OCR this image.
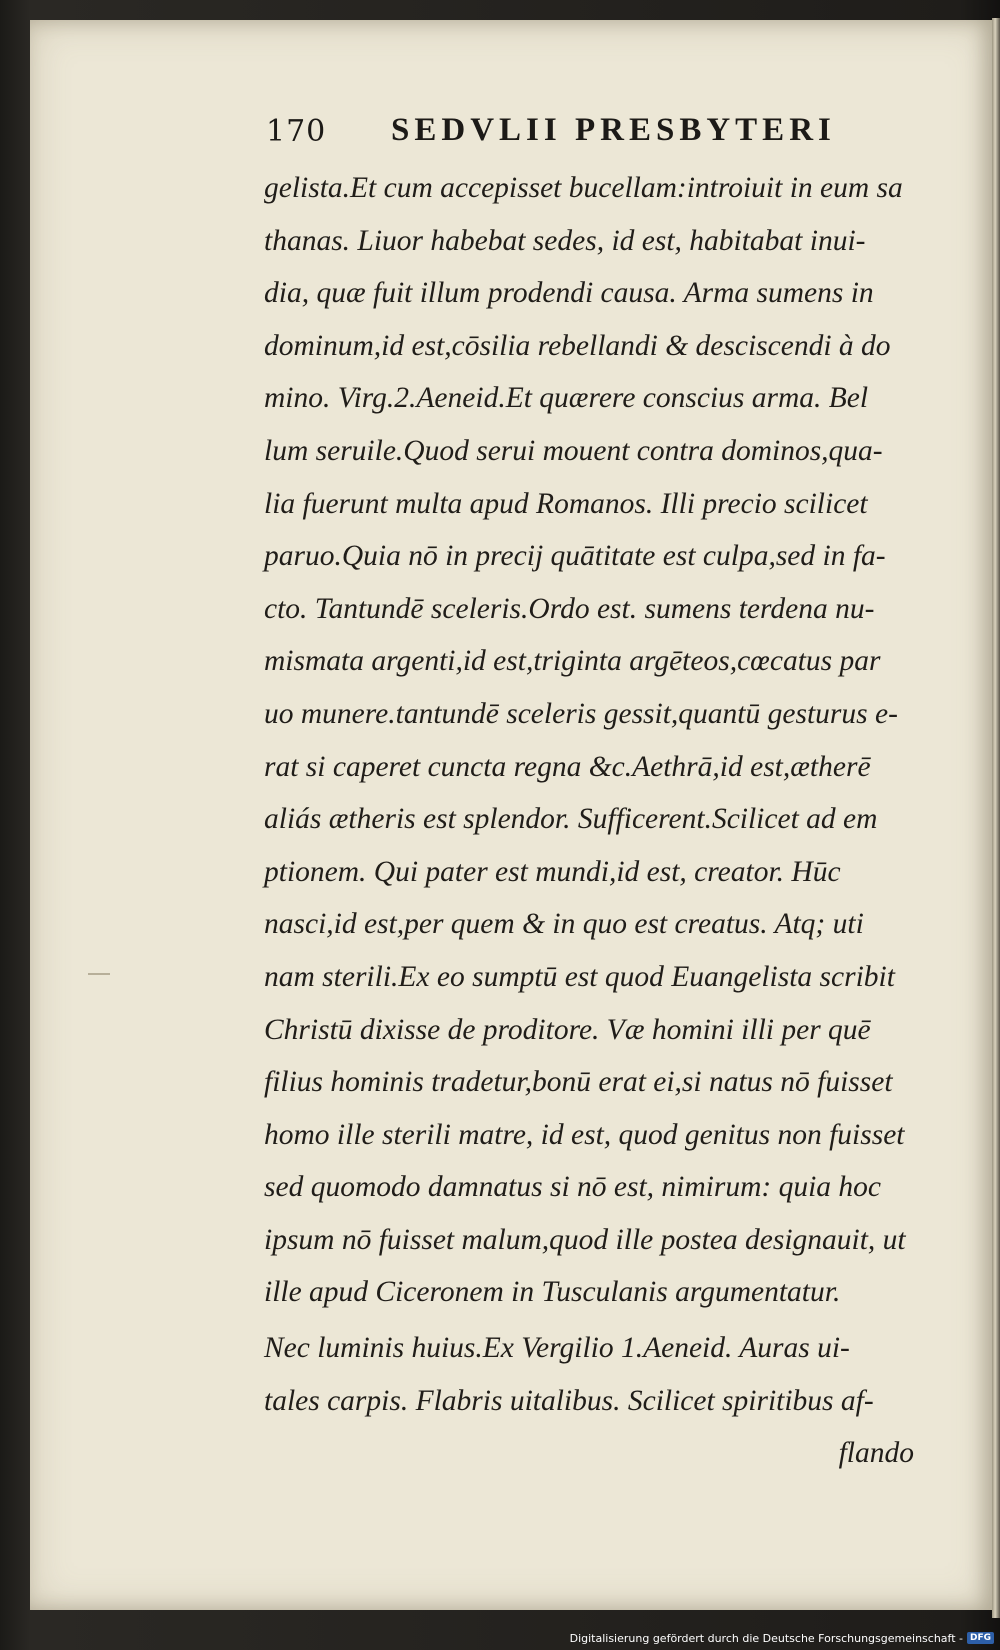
170 SEDVLII PRESBYTERI
gelista.Et cum accepisset bucellam:introiuit in eum sa
thanas. Liuor habebat sedes, id est, habitabat inui-
dia, quæ fuit illum prodendi causa. Arma sumens in
dominum,id est,cōsilia rebellandi & desciscendi à do
mino. Virg.2.Aeneid.Et quærere conscius arma. Bel
lum seruile.Quod serui mouent contra dominos,qua-
lia fuerunt multa apud Romanos. Illi precio scilicet
paruo.Quia nō in precij quātitate est culpa,sed in fa-
cto. Tantundē sceleris.Ordo est. sumens terdena nu-
mismata argenti,id est,triginta argēteos,cœcatus par
uo munere.tantundē sceleris gessit,quantū gesturus e-
rat si caperet cuncta regna &c.Aethrā,id est,ætherē
aliás ætheris est splendor. Sufficerent.Scilicet ad em
ptionem. Qui pater est mundi,id est, creator. Hūc
nasci,id est,per quem & in quo est creatus. Atq; uti
nam sterili.Ex eo sumptū est quod Euangelista scribit
Christū dixisse de proditore. Væ homini illi per quē
filius hominis tradetur,bonū erat ei,si natus nō fuisset
homo ille sterili matre, id est, quod genitus non fuisset
sed quomodo damnatus si nō est, nimirum: quia hoc
ipsum nō fuisset malum,quod ille postea designauit, ut
ille apud Ciceronem in Tusculanis argumentatur.
Nec luminis huius.Ex Vergilio 1.Aeneid. Auras ui-
tales carpis. Flabris uitalibus. Scilicet spiritibus af-
flando
Digitalisierung gefördert durch die Deutsche Forschungsgemeinschaft - DFG
